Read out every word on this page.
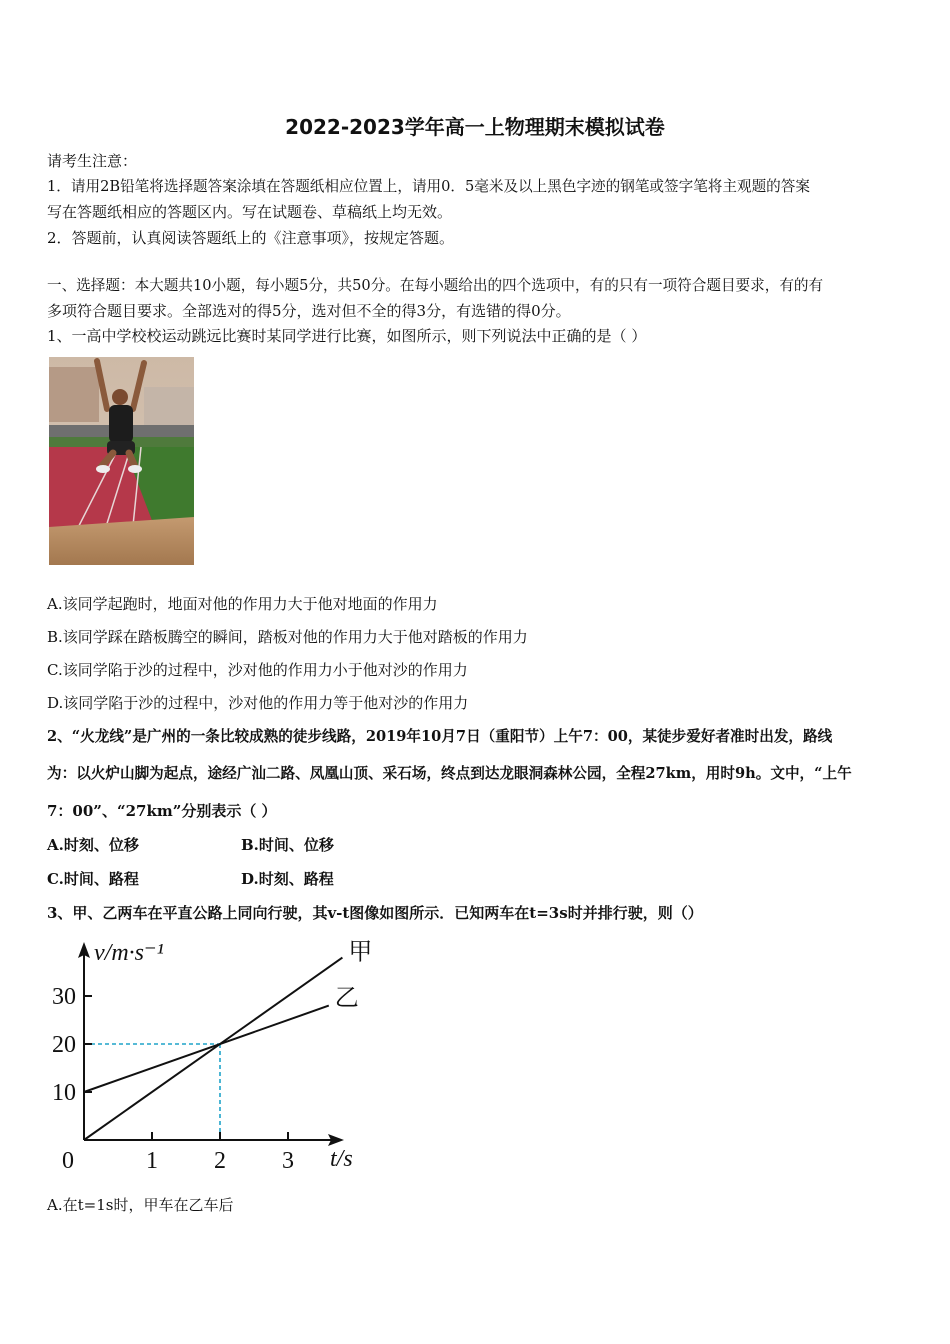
2022-2023学年高一上物理期末模拟试卷
请考生注意：
1．请用2B铅笔将选择题答案涂填在答题纸相应位置上，请用0．5毫米及以上黑色字迹的钢笔或签字笔将主观题的答案
写在答题纸相应的答题区内。写在试题卷、草稿纸上均无效。
2．答题前，认真阅读答题纸上的《注意事项》，按规定答题。
一、选择题：本大题共10小题，每小题5分，共50分。在每小题给出的四个选项中，有的只有一项符合题目要求，有的有
多项符合题目要求。全部选对的得5分，选对但不全的得3分，有选错的得0分。
1、一高中学校校运动跳远比赛时某同学进行比赛，如图所示，则下列说法中正确的是（ ）
A.该同学起跑时，地面对他的作用力大于他对地面的作用力
B.该同学踩在踏板腾空的瞬间，踏板对他的作用力大于他对踏板的作用力
C.该同学陷于沙的过程中，沙对他的作用力小于他对沙的作用力
D.该同学陷于沙的过程中，沙对他的作用力等于他对沙的作用力
2、“火龙线”是广州的一条比较成熟的徒步线路，2019年10月7日（重阳节）上午7：00，某徒步爱好者准时出发，路线
为：以火炉山脚为起点，途经广汕二路、凤凰山顶、采石场，终点到达龙眼洞森林公园，全程27km，用时9h。文中，“上午
7：00”、“27km”分别表示（ ）
A.时刻、位移	B.时间、位移
C.时间、路程	D.时刻、路程
3、甲、乙两车在平直公路上同向行驶，其v-t图像如图所示．已知两车在t=3s时并排行驶，则（）
1 2 3
10
20
30
0
甲
乙
v/m·s⁻¹
t/s
A.在t=1s时，甲车在乙车后
